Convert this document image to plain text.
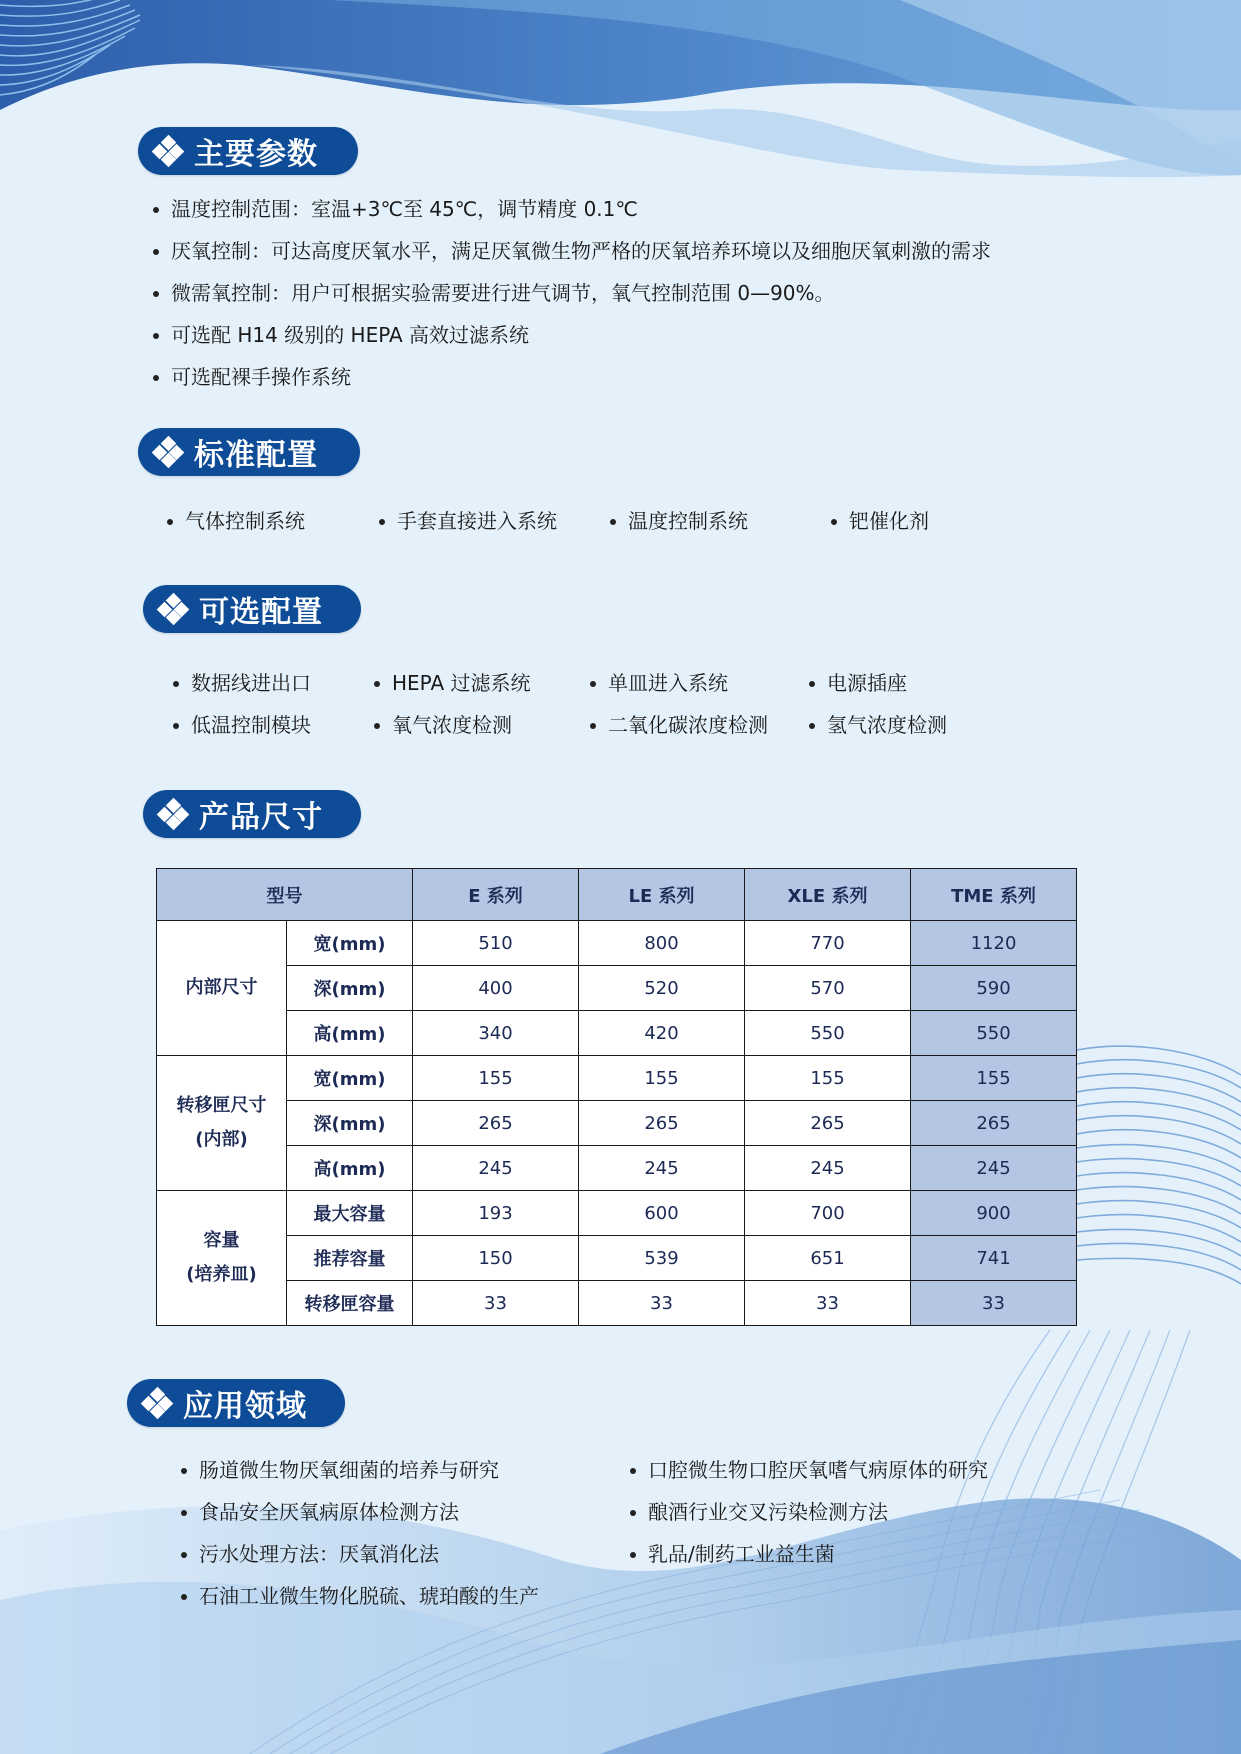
主要参数
温度控制范围：室温+3℃至 45℃，调节精度 0.1℃
厌氧控制：可达高度厌氧水平，满足厌氧微生物严格的厌氧培养环境以及细胞厌氧刺激的需求
微需氧控制：用户可根据实验需要进行进气调节，氧气控制范围 0—90%。
可选配 H14 级别的 HEPA 高效过滤系统
可选配裸手操作系统
标准配置
气体控制系统	手套直接进入系统	温度控制系统	钯催化剂
可选配置
数据线进出口	HEPA 过滤系统	单皿进入系统	电源插座
低温控制模块	氧气浓度检测	二氧化碳浓度检测	氢气浓度检测
产品尺寸
型号		E 系列	LE 系列	XLE 系列	TME 系列

内部尺寸	宽(mm)	510	800	770	1120
	深(mm)	400	520	570	590
	高(mm)	340	420	550	550

转移匣尺寸
(内部)	宽(mm)	155	155	155	155
	深(mm)	265	265	265	265
	高(mm)	245	245	245	245

容量
(培养皿)	最大容量	193	600	700	900
	推荐容量	150	539	651	741
	转移匣容量	33	33	33	33
应用领域
肠道微生物厌氧细菌的培养与研究
食品安全厌氧病原体检测方法
污水处理方法：厌氧消化法
石油工业微生物化脱硫、琥珀酸的生产
口腔微生物口腔厌氧嗜气病原体的研究
酿酒行业交叉污染检测方法
乳品/制药工业益生菌
